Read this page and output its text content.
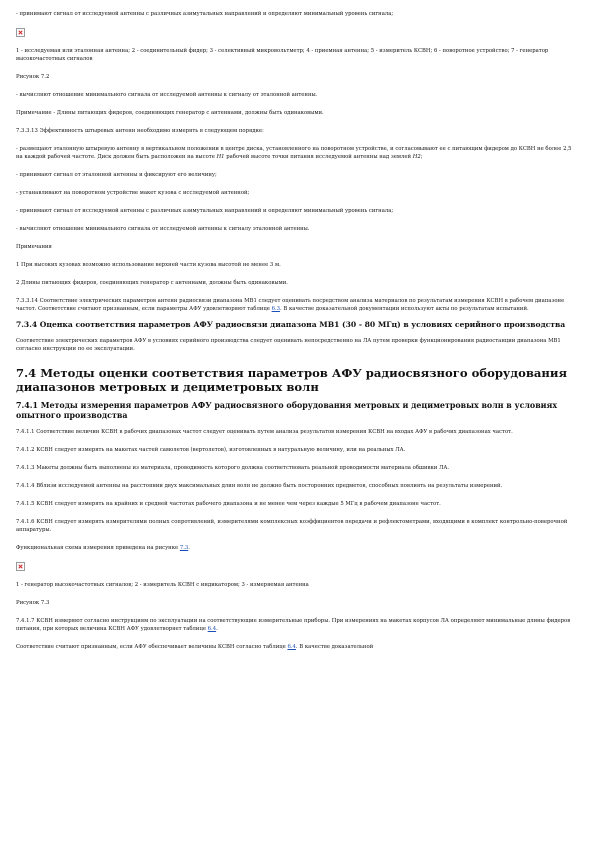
- принимают сигнал от исследуемой антенны с различных азимутальных направлений и определяют минимальный уровень сигнала;

1 - исследуемая или эталонная антенна; 2 - соединительный фидер; 3 - селективный микровольтметр; 4 - приемная антенна; 5 - измеритель КСВН; 6 - поворотное устройство; 7 - генератор высокочастотных сигналов

Рисунок 7.2

- вычисляют отношение минимального сигнала от исследуемой антенны к сигналу от эталонной антенны.

Примечание - Длины питающих фидеров, соединяющих генератор с антеннами, должны быть одинаковыми.

7.3.3.13 Эффективность штыревых антенн необходимо измерять в следующем порядке:

- размещают эталонную штыревую антенну в вертикальном положении в центре диска, установленного на поворотном устройстве, и согласовывают ее с питающим фидером до КСВН не более 2,5 на каждой рабочей частоте. Диск должен быть расположен на высоте H1 рабочей высоте точки питания исследуемой антенны над землей H2;

- принимают сигнал от эталонной антенны и фиксируют его величину;

- устанавливают на поворотном устройстве макет кузова с исследуемой антенной;

- принимают сигнал от исследуемой антенны с различных азимутальных направлений и определяют минимальный уровень сигнала;

- вычисляют отношение минимального сигнала от исследуемой антенны к сигналу эталонной антенны.

Примечания

1 При высоких кузовах возможно использование верхней части кузова высотой не менее 3 м.

2 Длины питающих фидеров, соединяющих генератор с антеннами, должны быть одинаковыми.

7.3.3.14 Соответствие электрических параметров антенн радиосвязи диапазона МВ1 следует оценивать посредством анализа материалов по результатам измерения КСВН в рабочем диапазоне частот. Соответствие считают признанным, если параметры АФУ удовлетворяют таблице 6.3. В качестве доказательной документации используют акты по результатам испытаний.

7.3.4 Оценка соответствия параметров АФУ радиосвязи диапазона МВ1 (30 - 80 МГц) в условиях серийного производства

Соответствие электрических параметров АФУ в условиях серийного производства следует оценивать непосредственно на ЛА путем проверки функционирования радиостанции диапазона МВ1 согласно инструкции по ее эксплуатации.

7.4 Методы оценки соответствия параметров АФУ радиосвязного оборудования диапазонов метровых и дециметровых волн
7.4.1 Методы измерения параметров АФУ радиосвязного оборудования метровых и дециметровых волн в условиях опытного производства

7.4.1.1 Соответствие величин КСВН в рабочих диапазонах частот следует оценивать путем анализа результатов измерения КСВН на входах АФУ в рабочих диапазонах частот.

7.4.1.2 КСВН следует измерять на макетах частей самолетов (вертолетов), изготовленных в натуральную величину, или на реальных ЛА.

7.4.1.3 Макеты должны быть выполнены из материала, проводимость которого должна соответствовать реальной проводимости материала обшивки ЛА.

7.4.1.4 Вблизи исследуемой антенны на расстоянии двух максимальных длин волн не должно быть посторонних предметов, способных повлиять на результаты измерений.

7.4.1.5 КСВН следует измерять на крайних и средней частотах рабочего диапазона и не менее чем через каждые 5 МГц в рабочем диапазоне частот.

7.4.1.6 КСВН следует измерять измерителями полных сопротивлений, измерителями комплексных коэффициентов передачи и рефлектометрами, входящими в комплект контрольно-поверочной аппаратуры.

Функциональная схема измерения приведена на рисунке 7.3.

1 - генератор высокочастотных сигналов; 2 - измеритель КСВН с индикатором; 3 - измеряемая антенна

Рисунок 7.3

7.4.1.7 КСВН измеряют согласно инструкциям по эксплуатации на соответствующие измерительные приборы. При измерениях на макетах корпусов ЛА определяют минимальные длины фидеров питания, при которых величина КСВН АФУ удовлетворяет таблице 6.4.

Соответствие считают признанным, если АФУ обеспечивает величины КСВН согласно таблице 6.4. В качестве доказательной
